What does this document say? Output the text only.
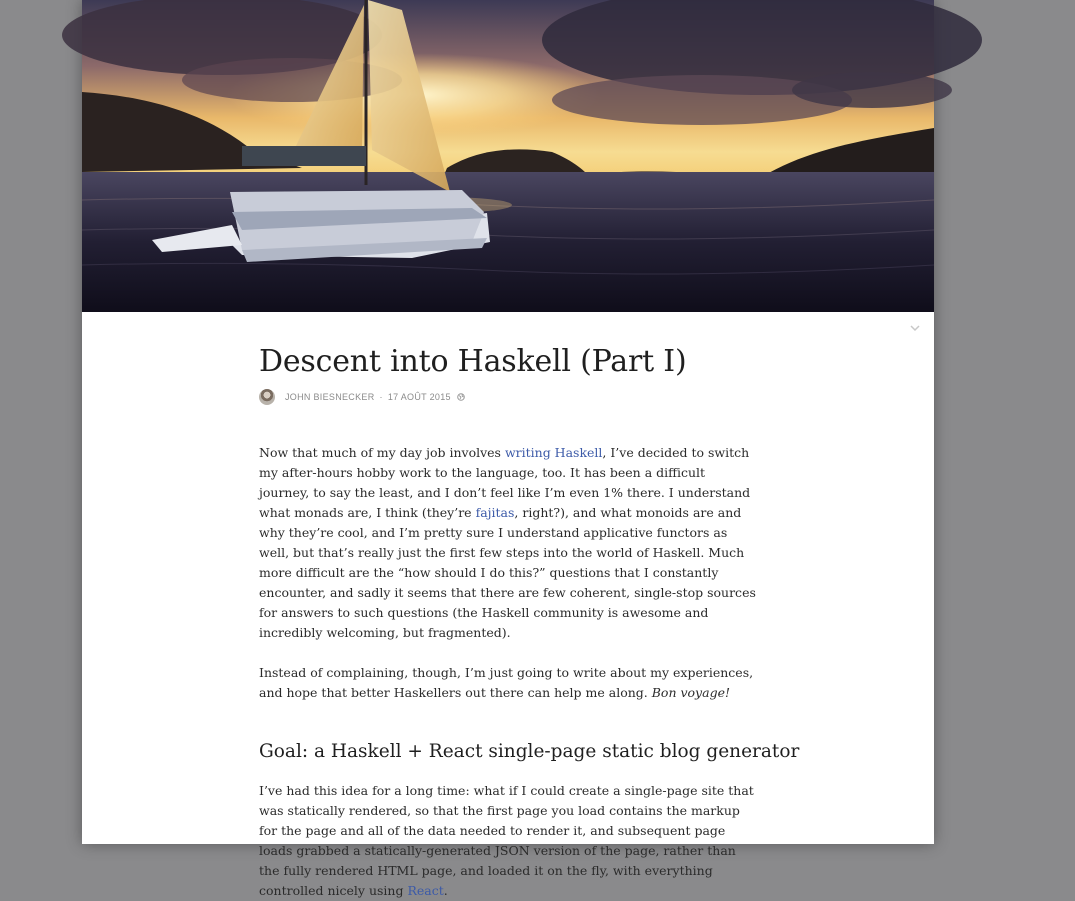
Descent into Haskell (Part I)
JOHN BIESNECKER · 17 AOÛT 2015

Now that much of my day job involves writing Haskell, I’ve decided to switch my after-hours hobby work to the language, too. It has been a difficult journey, to say the least, and I don’t feel like I’m even 1% there. I understand what monads are, I think (they’re fajitas, right?), and what monoids are and why they’re cool, and I’m pretty sure I understand applicative functors as well, but that’s really just the first few steps into the world of Haskell. Much more difficult are the “how should I do this?” questions that I constantly encounter, and sadly it seems that there are few coherent, single-stop sources for answers to such questions (the Haskell community is awesome and incredibly welcoming, but fragmented).

Instead of complaining, though, I’m just going to write about my experiences, and hope that better Haskellers out there can help me along. Bon voyage!

Goal: a Haskell + React single-page static blog generator

I’ve had this idea for a long time: what if I could create a single-page site that was statically rendered, so that the first page you load contains the markup for the page and all of the data needed to render it, and subsequent page loads grabbed a statically-generated JSON version of the page, rather than the fully rendered HTML page, and loaded it on the fly, with everything controlled nicely using React.
